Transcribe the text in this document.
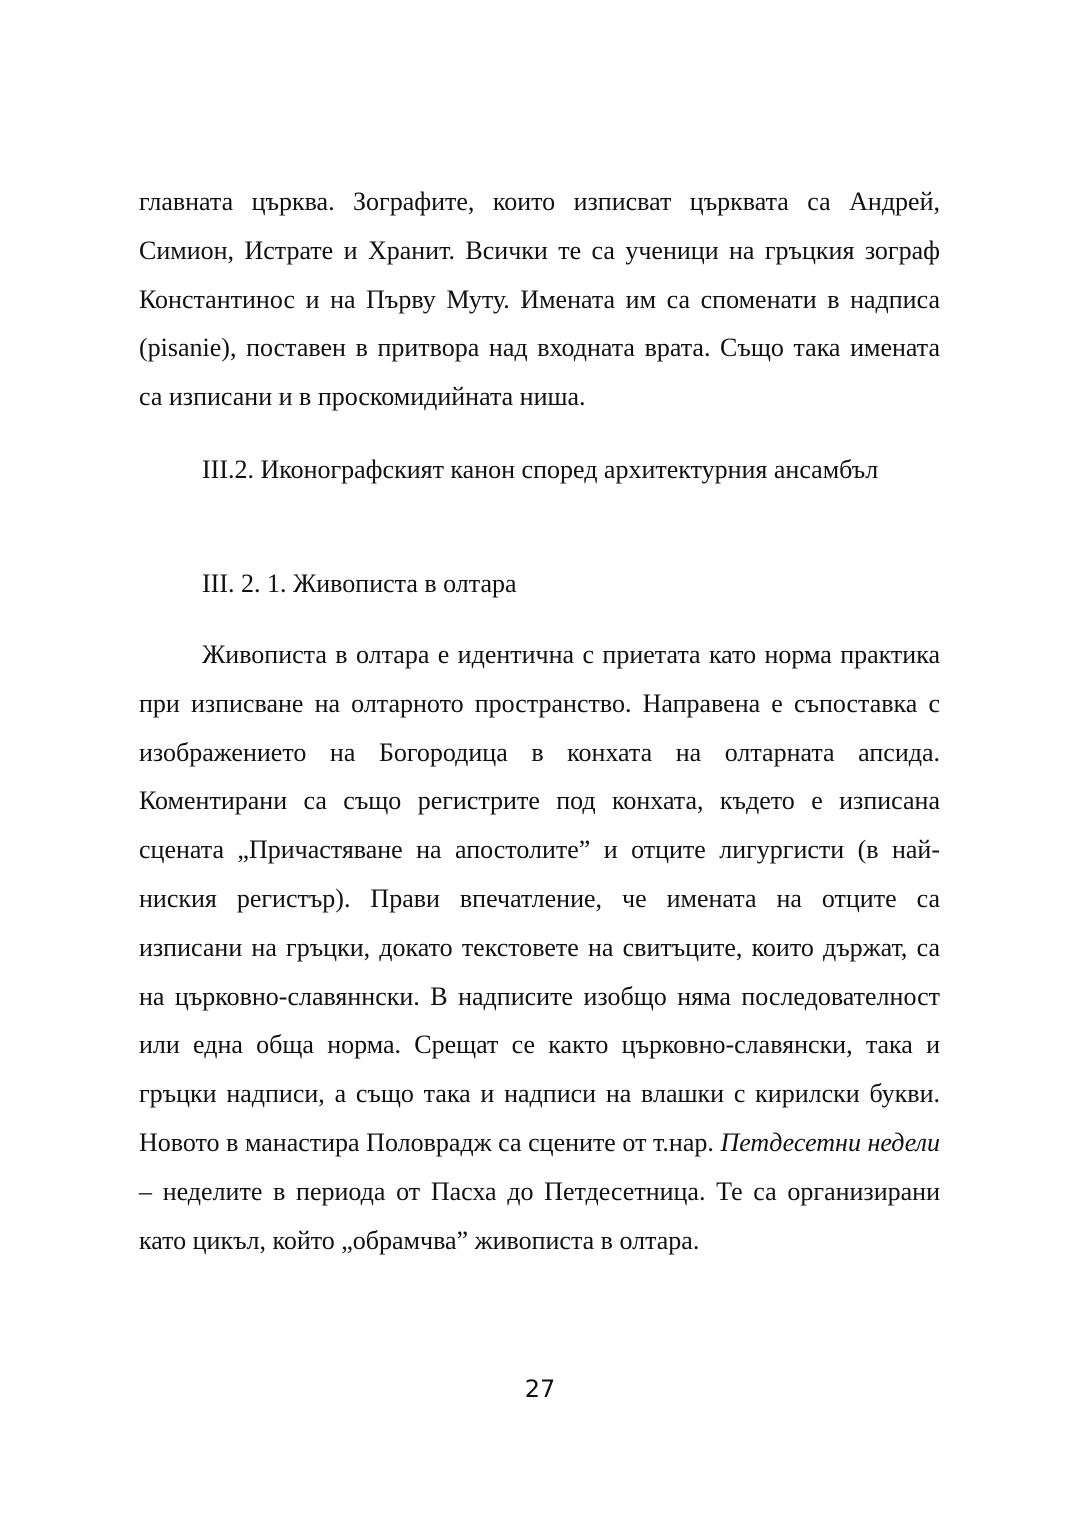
главната църква. Зографите, които изписват църквата са Андрей, Симион, Истрате и Хранит. Всички те са ученици на гръцкия зограф Константинос и на Първу Муту. Имената им са споменати в надписа (pisanie), поставен в притвора над входната врата. Също така имената са изписани и в проскомидийната ниша.
III.2. Иконографският канон според архитектурния ансамбъл
III. 2. 1. Живописта в олтара
Живописта в олтара е идентична с приетата като норма практика при изписване на олтарното пространство. Направена е съпоставка с изображението на Богородица в конхата на олтарната апсида. Коментирани са също регистрите под конхата, където е изписана сцената „Причастяване на апостолите” и отците лигургисти (в най-ниския регистър). Прави впечатление, че имената на отците са изписани на гръцки, докато текстовете на свитъците, които държат, са на църковно-славяннски. В надписите изобщо няма последователност или една обща норма. Срещат се както църковно-славянски, така и гръцки надписи, а също така и надписи на влашки с кирилски букви. Новото в манастира Половрадж са сцените от т.нар. Петдесетни недели – неделите в периода от Пасха до Петдесетница. Те са организирани като цикъл, който „обрамчва” живописта в олтара.
27
